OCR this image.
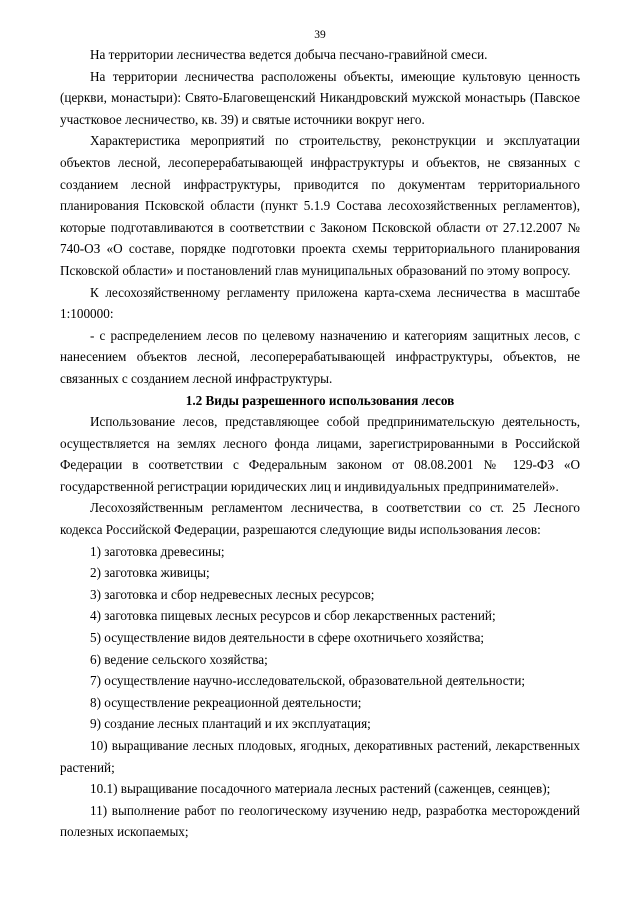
39

На территории лесничества ведется добыча песчано-гравийной смеси.

На территории лесничества расположены объекты, имеющие культовую ценность (церкви, монастыри): Свято-Благовещенский Никандровский мужской монастырь (Павское участковое лесничество, кв. 39) и святые источники вокруг него.

Характеристика мероприятий по строительству, реконструкции и эксплуатации объектов лесной, лесоперерабатывающей инфраструктуры и объектов, не связанных с созданием лесной инфраструктуры, приводится по документам территориального планирования Псковской области (пункт 5.1.9 Состава лесохозяйственных регламентов), которые подготавливаются в соответствии с Законом Псковской области от 27.12.2007 № 740-ОЗ «О составе, порядке подготовки проекта схемы территориального планирования Псковской области» и постановлений глав муниципальных образований по этому вопросу.

К лесохозяйственному регламенту приложена карта-схема лесничества в масштабе 1:100000:

- с распределением лесов по целевому назначению и категориям защитных лесов, с нанесением объектов лесной, лесоперерабатывающей инфраструктуры, объектов, не связанных с созданием лесной инфраструктуры.

1.2 Виды разрешенного использования лесов

Использование лесов, представляющее собой предпринимательскую деятельность, осуществляется на землях лесного фонда лицами, зарегистрированными в Российской Федерации в соответствии с Федеральным законом от 08.08.2001 № 129-ФЗ «О государственной регистрации юридических лиц и индивидуальных предпринимателей».

Лесохозяйственным регламентом лесничества, в соответствии со ст. 25 Лесного кодекса Российской Федерации, разрешаются следующие виды использования лесов:

1) заготовка древесины;

2) заготовка живицы;

3) заготовка и сбор недревесных лесных ресурсов;

4) заготовка пищевых лесных ресурсов и сбор лекарственных растений;

5) осуществление видов деятельности в сфере охотничьего хозяйства;

6) ведение сельского хозяйства;

7) осуществление научно-исследовательской, образовательной деятельности;

8) осуществление рекреационной деятельности;

9) создание лесных плантаций и их эксплуатация;

10) выращивание лесных плодовых, ягодных, декоративных растений, лекарственных растений;

10.1) выращивание посадочного материала лесных растений (саженцев, сеянцев);

11) выполнение работ по геологическому изучению недр, разработка месторождений полезных ископаемых;
